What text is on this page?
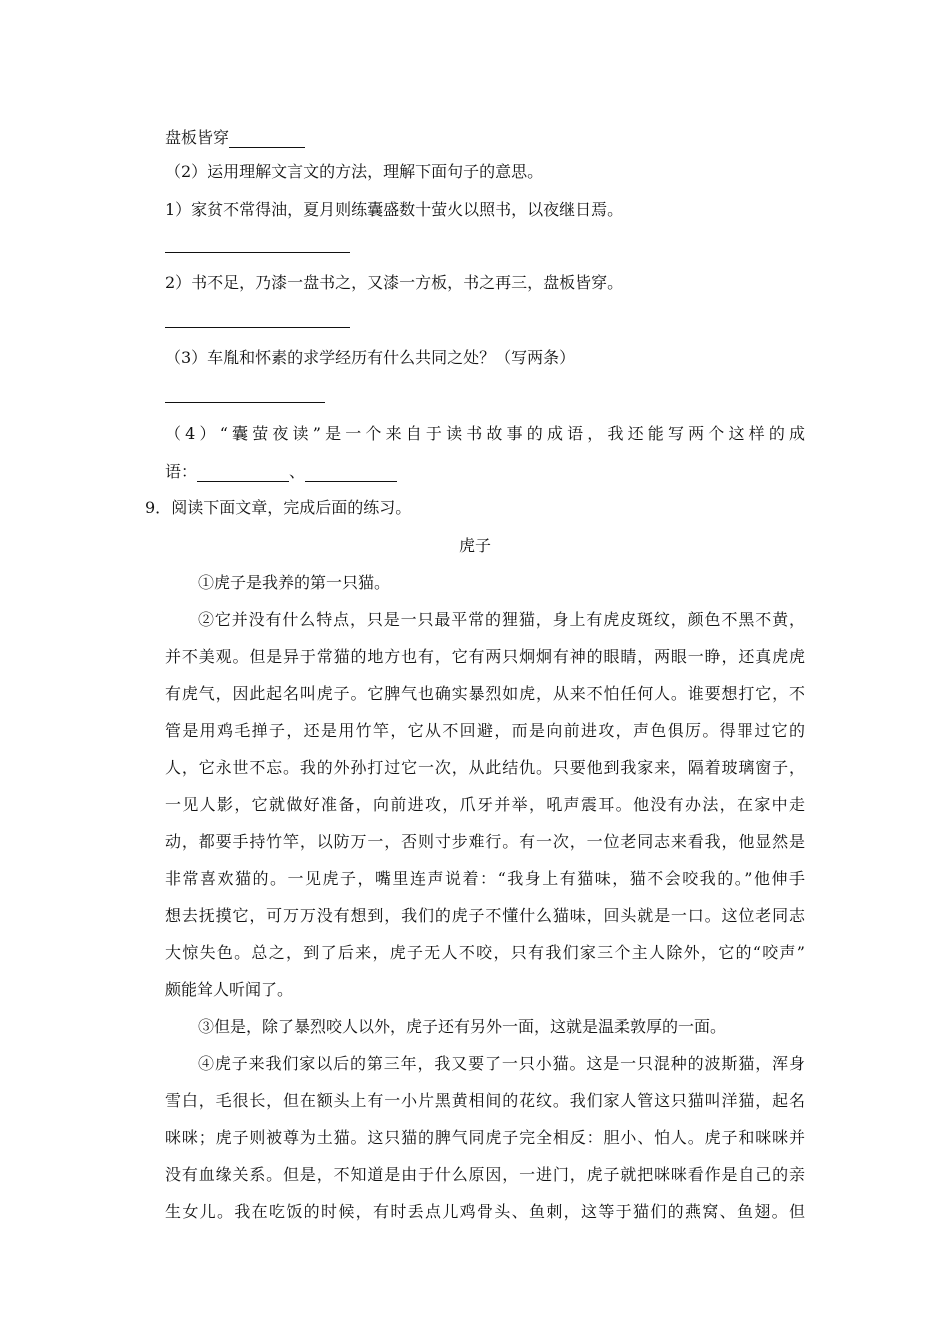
盘板皆穿
（2）运用理解文言文的方法，理解下面句子的意思。
1）家贫不常得油，夏月则练囊盛数十萤火以照书，以夜继日焉。
2）书不足，乃漆一盘书之，又漆一方板，书之再三，盘板皆穿。
（3）车胤和怀素的求学经历有什么共同之处？（写两条）
（4）“囊萤夜读”是一个来自于读书故事的成语，我还能写两个这样的成
语：	、
9．阅读下面文章，完成后面的练习。
虎子
①虎子是我养的第一只猫。
②它并没有什么特点，只是一只最平常的狸猫，身上有虎皮斑纹，颜色不黑不黄，
并不美观。但是异于常猫的地方也有，它有两只炯炯有神的眼睛，两眼一睁，还真虎虎
有虎气，因此起名叫虎子。它脾气也确实暴烈如虎，从来不怕任何人。谁要想打它，不
管是用鸡毛掸子，还是用竹竿，它从不回避，而是向前进攻，声色俱厉。得罪过它的
人，它永世不忘。我的外孙打过它一次，从此结仇。只要他到我家来，隔着玻璃窗子，
一见人影，它就做好准备，向前进攻，爪牙并举，吼声震耳。他没有办法，在家中走
动，都要手持竹竿，以防万一，否则寸步难行。有一次，一位老同志来看我，他显然是
非常喜欢猫的。一见虎子，嘴里连声说着：“我身上有猫味，猫不会咬我的。”他伸手
想去抚摸它，可万万没有想到，我们的虎子不懂什么猫味，回头就是一口。这位老同志
大惊失色。总之，到了后来，虎子无人不咬，只有我们家三个主人除外，它的“咬声”
颇能耸人听闻了。
③但是，除了暴烈咬人以外，虎子还有另外一面，这就是温柔敦厚的一面。
④虎子来我们家以后的第三年，我又要了一只小猫。这是一只混种的波斯猫，浑身
雪白，毛很长，但在额头上有一小片黑黄相间的花纹。我们家人管这只猫叫洋猫，起名
咪咪；虎子则被尊为土猫。这只猫的脾气同虎子完全相反：胆小、怕人。虎子和咪咪并
没有血缘关系。但是，不知道是由于什么原因，一进门，虎子就把咪咪看作是自己的亲
生女儿。我在吃饭的时候，有时丢点儿鸡骨头、鱼刺，这等于猫们的燕窝、鱼翅。但
